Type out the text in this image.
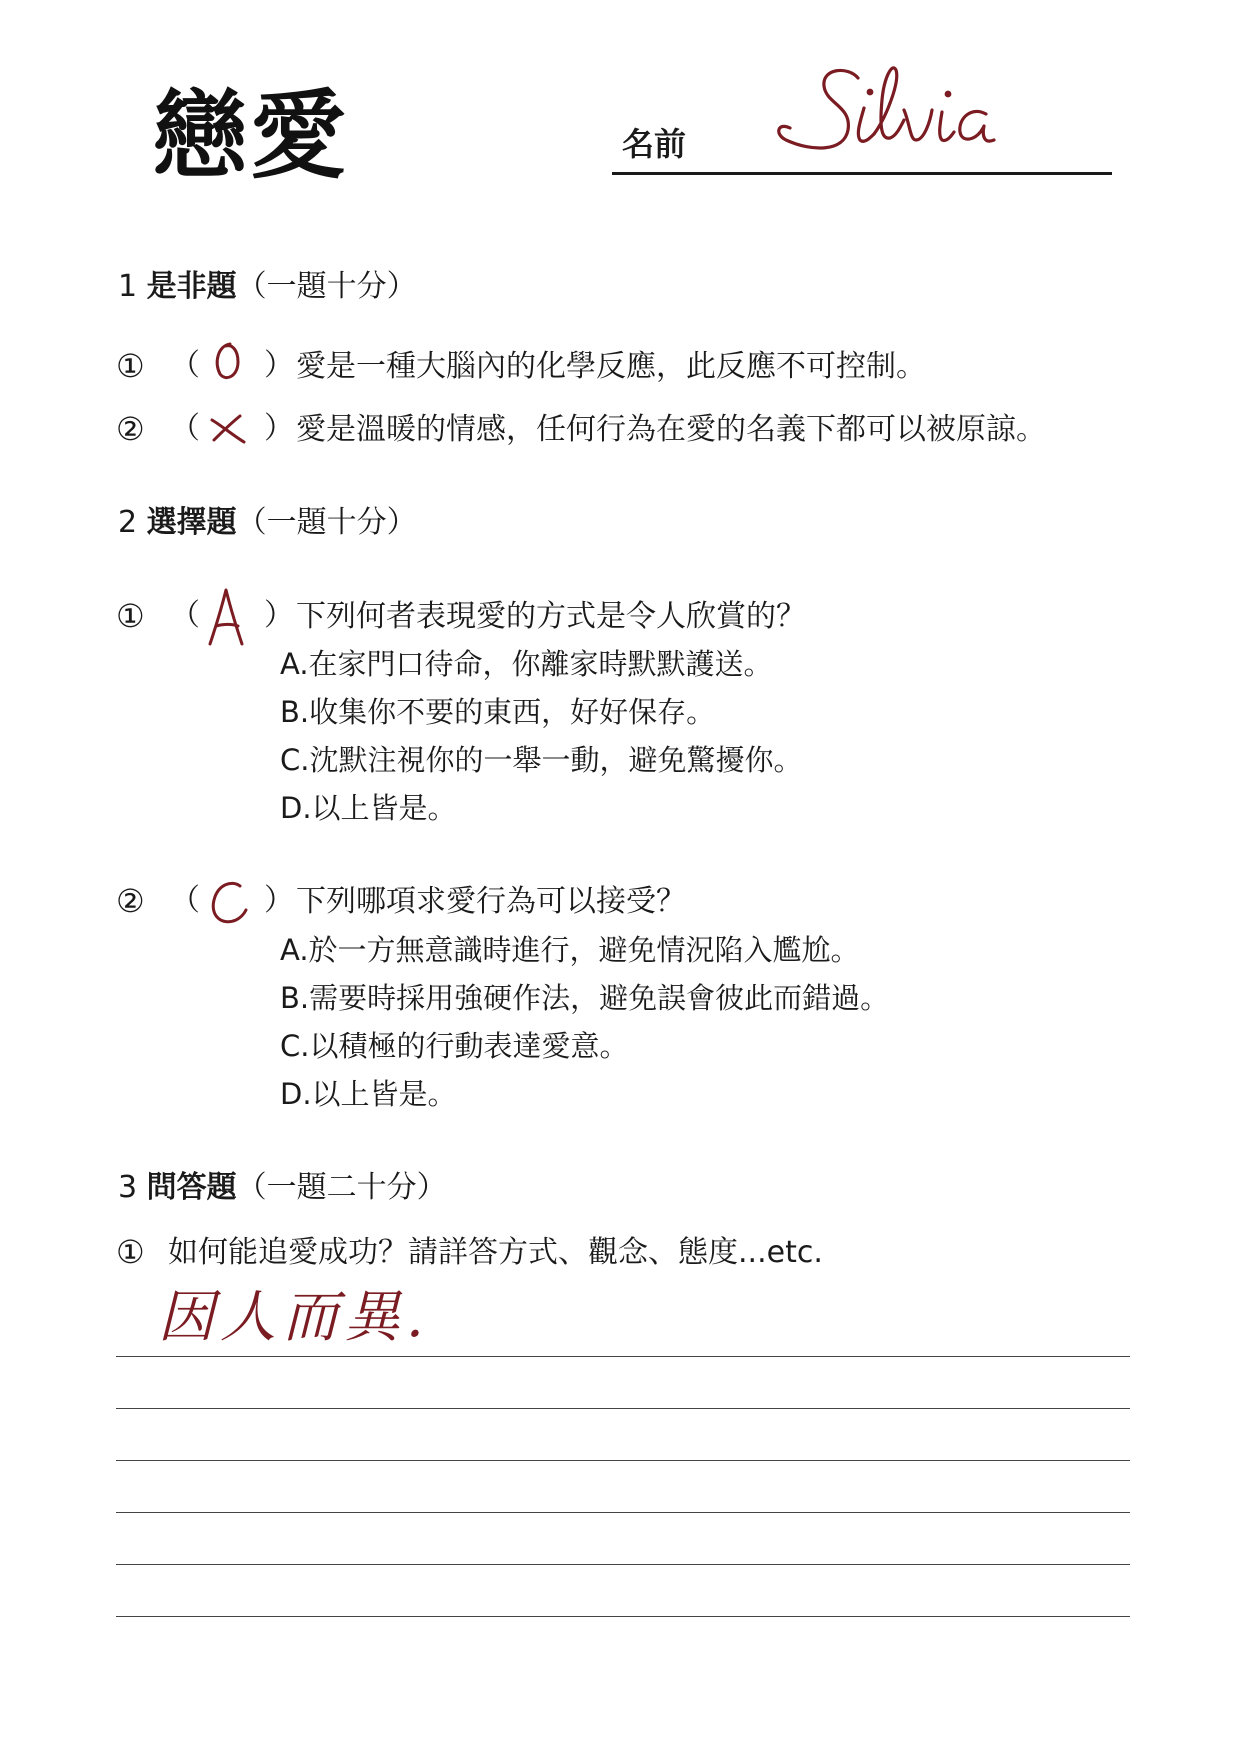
戀愛	名前
1 是非題（一題十分）
① （ ） 愛是一種大腦內的化學反應，此反應不可控制。
② （ ） 愛是溫暖的情感，任何行為在愛的名義下都可以被原諒。
2 選擇題（一題十分）
① （ ） 下列何者表現愛的方式是令人欣賞的？
A.在家門口待命，你離家時默默護送。
B.收集你不要的東西，好好保存。
C.沈默注視你的一舉一動，避免驚擾你。
D.以上皆是。
② （ ） 下列哪項求愛行為可以接受？
A.於一方無意識時進行，避免情況陷入尷尬。
B.需要時採用強硬作法，避免誤會彼此而錯過。
C.以積極的行動表達愛意。
D.以上皆是。
3 問答題（一題二十分）
① 如何能追愛成功？請詳答方式、觀念、態度...etc.
因人而異.
